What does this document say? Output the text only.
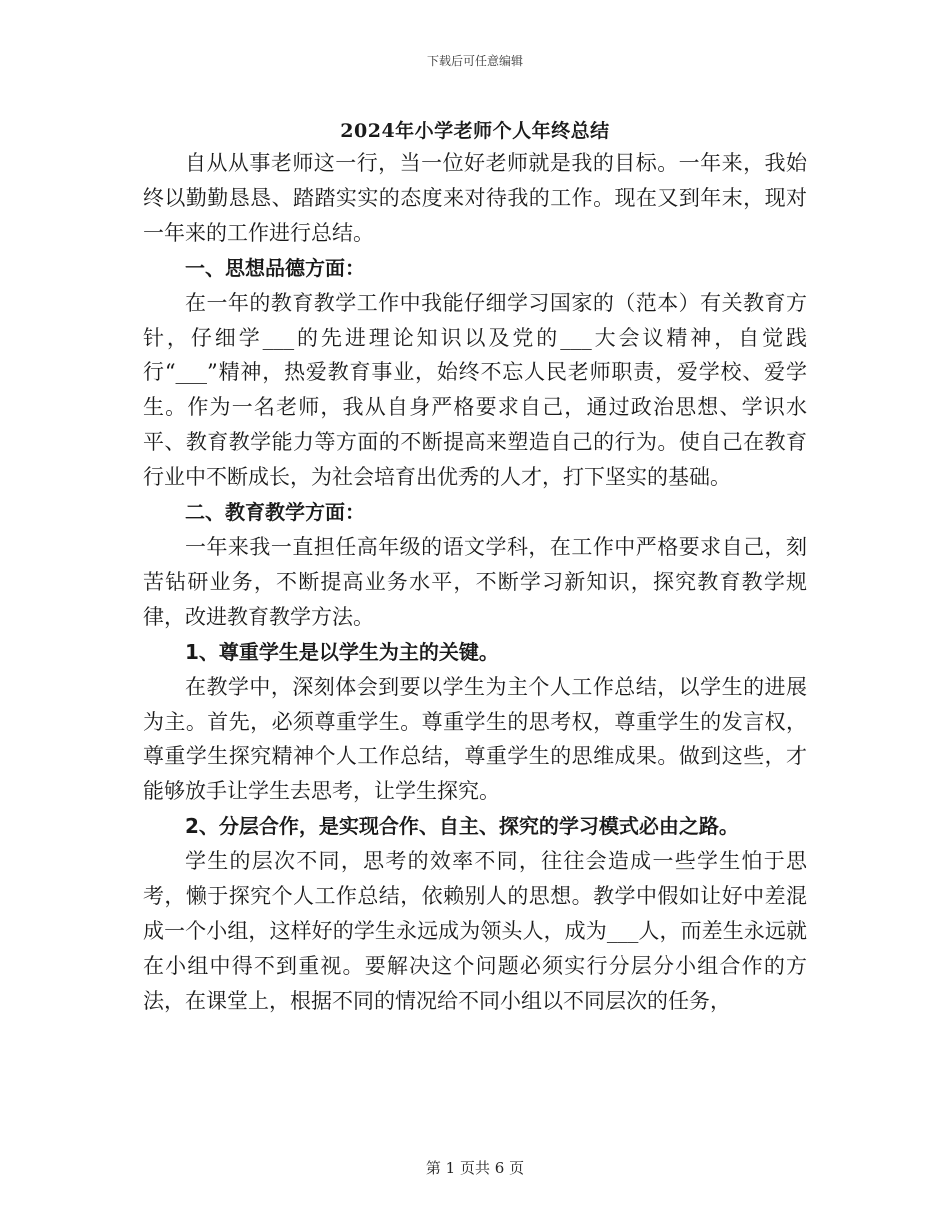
下载后可任意编辑
2024年小学老师个人年终总结

自从从事老师这一行，当一位好老师就是我的目标。一年来，我始终以勤勤恳恳、踏踏实实的态度来对待我的工作。现在又到年末，现对一年来的工作进行总结。

一、思想品德方面：

在一年的教育教学工作中我能仔细学习国家的（范本）有关教育方针，仔细学___的先进理论知识以及党的___大会议精神，自觉践行“___”精神，热爱教育事业，始终不忘人民老师职责，爱学校、爱学生。作为一名老师，我从自身严格要求自己，通过政治思想、学识水平、教育教学能力等方面的不断提高来塑造自己的行为。使自己在教育行业中不断成长，为社会培育出优秀的人才，打下坚实的基础。

二、教育教学方面：

一年来我一直担任高年级的语文学科，在工作中严格要求自己，刻苦钻研业务，不断提高业务水平，不断学习新知识，探究教育教学规律，改进教育教学方法。

1、尊重学生是以学生为主的关键。

在教学中，深刻体会到要以学生为主个人工作总结，以学生的进展为主。首先，必须尊重学生。尊重学生的思考权，尊重学生的发言权，尊重学生探究精神个人工作总结，尊重学生的思维成果。做到这些，才能够放手让学生去思考，让学生探究。

2、分层合作，是实现合作、自主、探究的学习模式必由之路。

学生的层次不同，思考的效率不同，往往会造成一些学生怕于思考，懒于探究个人工作总结，依赖别人的思想。教学中假如让好中差混成一个小组，这样好的学生永远成为领头人，成为___人，而差生永远就在小组中得不到重视。要解决这个问题必须实行分层分小组合作的方法，在课堂上，根据不同的情况给不同小组以不同层次的任务，

第 1 页共 6 页
